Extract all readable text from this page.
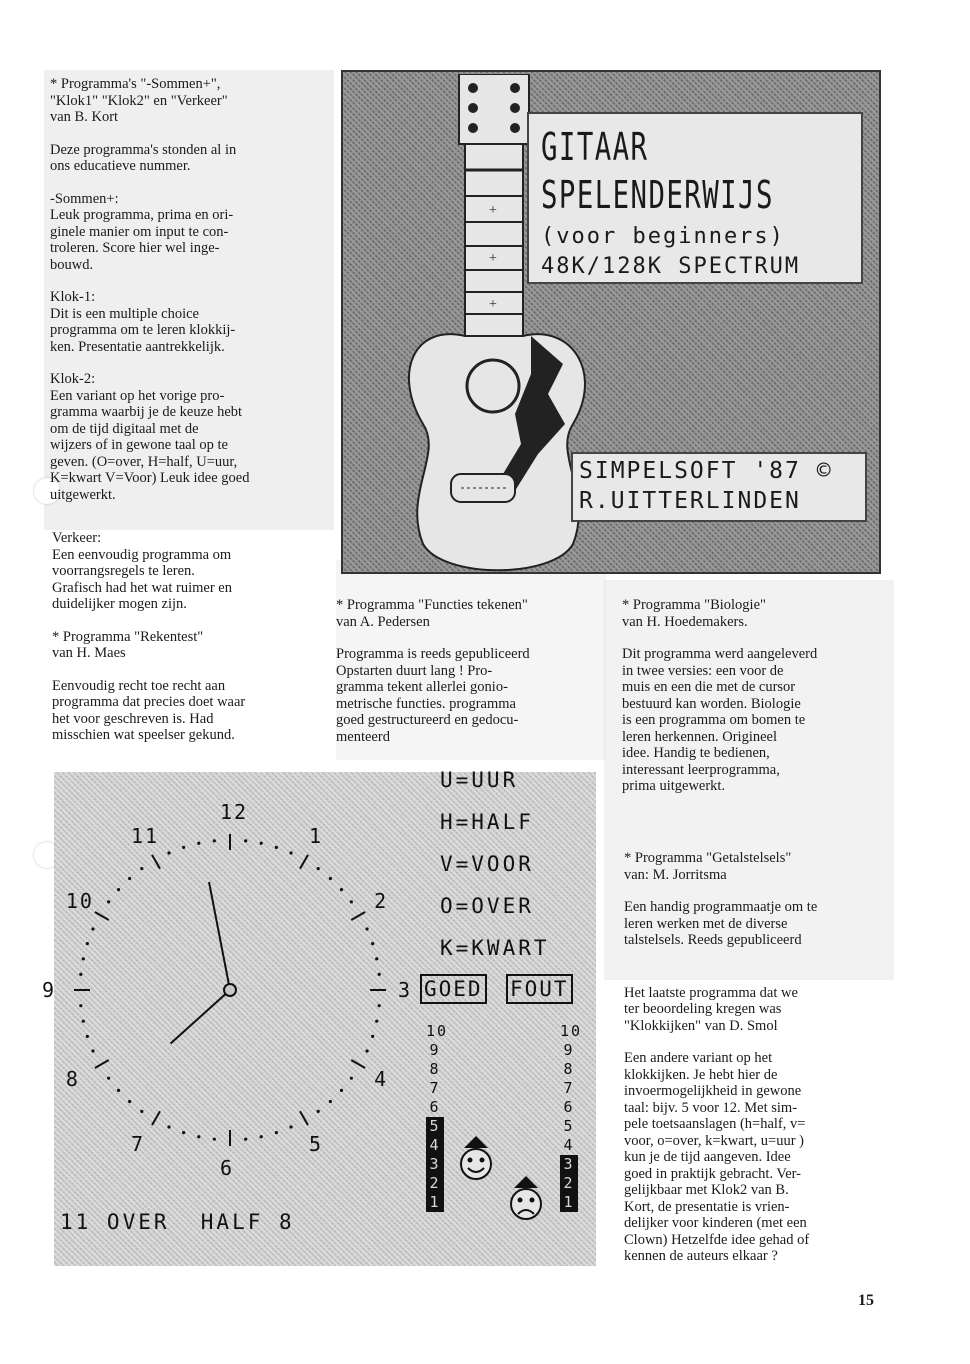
* Programma's "-Sommen+",
"Klok1" "Klok2" en "Verkeer"
van B. Kort

Deze programma's stonden al in
ons educatieve nummer.

-Sommen+:
Leuk programma, prima en ori-
ginele manier om input te con-
troleren. Score hier wel inge-
bouwd.

Klok-1:
Dit is een multiple choice
programma om te leren klokkij-
ken. Presentatie aantrekkelijk.

Klok-2:
Een variant op het vorige pro-
gramma waarbij je de keuze hebt
om de tijd digitaal met de
wijzers of in gewone taal op te
geven. (O=over, H=half, U=uur,
K=kwart V=Voor) Leuk idee goed
uitgewerkt.

Verkeer:
Een eenvoudig programma om
voorrangsregels te leren.
Grafisch had het wat ruimer en
duidelijker mogen zijn.

* Programma "Rekentest"
van H. Maes

Eenvoudig recht toe recht aan
programma dat precies doet waar
het voor geschreven is. Had
misschien wat speelser gekund.

* Programma "Functies tekenen"
van A. Pedersen

Programma is reeds gepubliceerd
Opstarten duurt lang ! Pro-
gramma tekent allerlei gonio-
metrische functies. programma
goed gestructureerd en gedocu-
menteerd

* Programma "Biologie"
van H. Hoedemakers.

Dit programma werd aangeleverd
in twee versies: een voor de
muis en een die met de cursor
bestuurd kan worden. Biologie
is een programma om bomen te
leren herkennen. Origineel
idee. Handig te bedienen,
interessant leerprogramma,
prima uitgewerkt.

* Programma "Getalstelsels"
van: M. Jorritsma

Een handig programmaatje om te
leren werken met de diverse
talstelsels. Reeds gepubliceerd

Het laatste programma dat we
ter beoordeling kregen was
"Klokkijken" van D. Smol

Een andere variant op het
klokkijken. Je hebt hier de
invoermogelijkheid in gewone
taal: bijv. 5 voor 12. Met sim-
pele toetsaanslagen (h=half, v=
voor, o=over, k=kwart, u=uur )
kun je de tijd aangeven. Idee
goed in praktijk gebracht. Ver-
gelijkbaar met Klok2 van B.
Kort, de presentatie is vrien-
delijker voor kinderen (met een
Clown) Hetzelfde idee gehad of
kennen de auteurs elkaar ?

+
+
+
GITAAR
SPELENDERWIJS
(voor beginners)
48K/128K SPECTRUM
SIMPELSOFT '87 ©
R.UITTERLINDEN
12
1
2
3
4
5
6
7
8
9
10
11
U=UUR
H=HALF
V=VOOR
O=OVER
K=KWART
GOED FOUT
10
9
8
7
6
5
4
3
2
1
10
9
8
7
6
5
4
3
2
1
11 OVER  HALF 8
15
